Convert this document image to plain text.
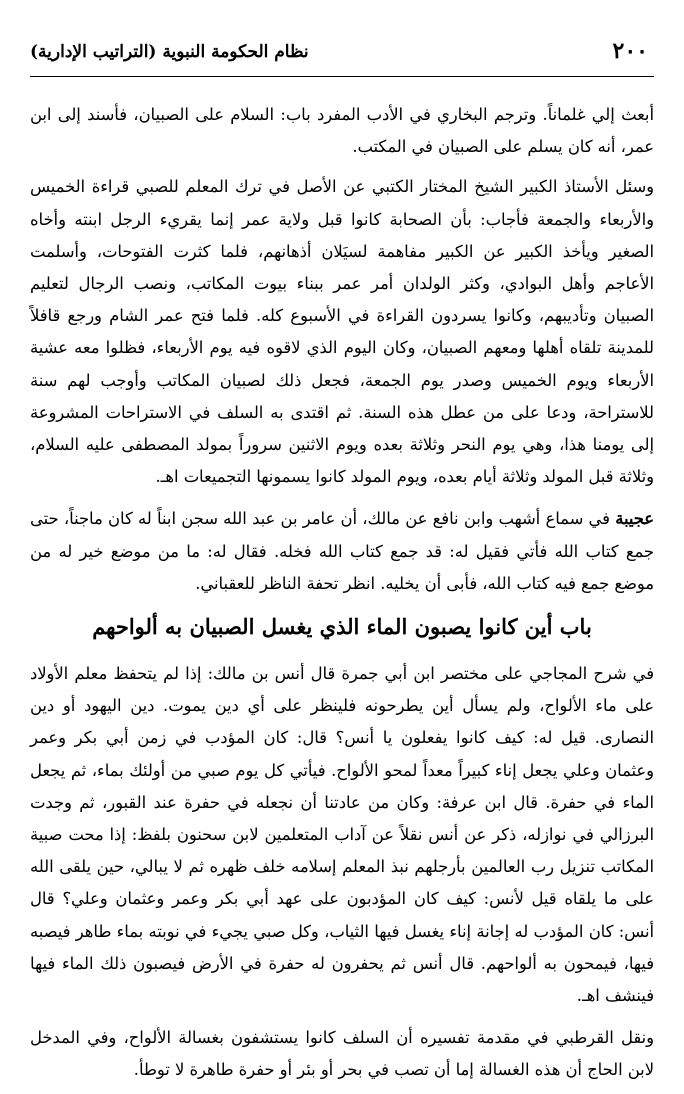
٢٠٠
نظام الحكومة النبوية (التراتيب الإدارية)

أبعث إلي غلماناً. وترجم البخاري في الأدب المفرد باب: السلام على الصبيان، فأسند إلى ابن عمر، أنه كان يسلم على الصبيان في المكتب.

وسئل الأستاذ الكبير الشيخ المختار الكتبي عن الأصل في ترك المعلم للصبي قراءة الخميس والأربعاء والجمعة فأجاب: بأن الصحابة كانوا قبل ولاية عمر إنما يقريء الرجل ابنته وأخاه الصغير ويأخذ الكبير عن الكبير مفاهمة لسيَلان أذهانهم، فلما كثرت الفتوحات، وأسلمت الأعاجم وأهل البوادي، وكثر الولدان أمر عمر ببناء بيوت المكاتب، ونصب الرجال لتعليم الصبيان وتأديبهم، وكانوا يسردون القراءة في الأسبوع كله. فلما فتح عمر الشام ورجع قافلاً للمدينة تلقاه أهلها ومعهم الصبيان، وكان اليوم الذي لاقوه فيه يوم الأربعاء، فظلوا معه عشية الأربعاء ويوم الخميس وصدر يوم الجمعة، فجعل ذلك لصبيان المكاتب وأوجب لهم سنة للاستراحة، ودعا على من عطل هذه السنة. ثم اقتدى به السلف في الاستراحات المشروعة إلى يومنا هذا، وهي يوم النحر وثلاثة بعده ويوم الاثنين سروراً بمولد المصطفى عليه السلام، وثلاثة قبل المولد وثلاثة أيام بعده، ويوم المولد كانوا يسمونها التجميعات اهـ.

عجيبة في سماع أشهب وابن نافع عن مالك، أن عامر بن عبد الله سجن ابناً له كان ماجناً، حتى جمع كتاب الله فأتي فقيل له: قد جمع كتاب الله فخله. فقال له: ما من موضع خير له من موضع جمع فيه كتاب الله، فأبى أن يخليه. انظر تحفة الناظر للعقباني.

باب أين كانوا يصبون الماء الذي يغسل الصبيان به ألواحهم

في شرح المجاجي على مختصر ابن أبي جمرة قال أنس بن مالك: إذا لم يتحفظ معلم الأولاد على ماء الألواح، ولم يسأل أين يطرحونه فلينظر على أي دين يموت. دين اليهود أو دين النصارى. قيل له: كيف كانوا يفعلون يا أنس؟ قال: كان المؤدب في زمن أبي بكر وعمر وعثمان وعلي يجعل إناء كبيراً معداً لمحو الألواح. فيأتي كل يوم صبي من أولئك بماء، ثم يجعل الماء في حفرة. قال ابن عرفة: وكان من عادتنا أن نجعله في حفرة عند القبور، ثم وجدت البرزالي في نوازله، ذكر عن أنس نقلاً عن آداب المتعلمين لابن سحنون بلفظ: إذا محت صبية المكاتب تنزيل رب العالمين بأرجلهم نبذ المعلم إسلامه خلف ظهره ثم لا يبالي، حين يلقى الله على ما يلقاه قيل لأنس: كيف كان المؤدبون على عهد أبي بكر وعمر وعثمان وعلي؟ قال أنس: كان المؤدب له إجانة إناء يغسل فيها الثياب، وكل صبي يجيء في نوبته بماء طاهر فيصبه فيها، فيمحون به ألواحهم. قال أنس ثم يحفرون له حفرة في الأرض فيصبون ذلك الماء فيها فينشف اهـ.

ونقل القرطبي في مقدمة تفسيره أن السلف كانوا يستشفون بغسالة الألواح، وفي المدخل لابن الحاج أن هذه الغسالة إما أن تصب في بحر أو بئر أو حفرة طاهرة لا توطأ.
